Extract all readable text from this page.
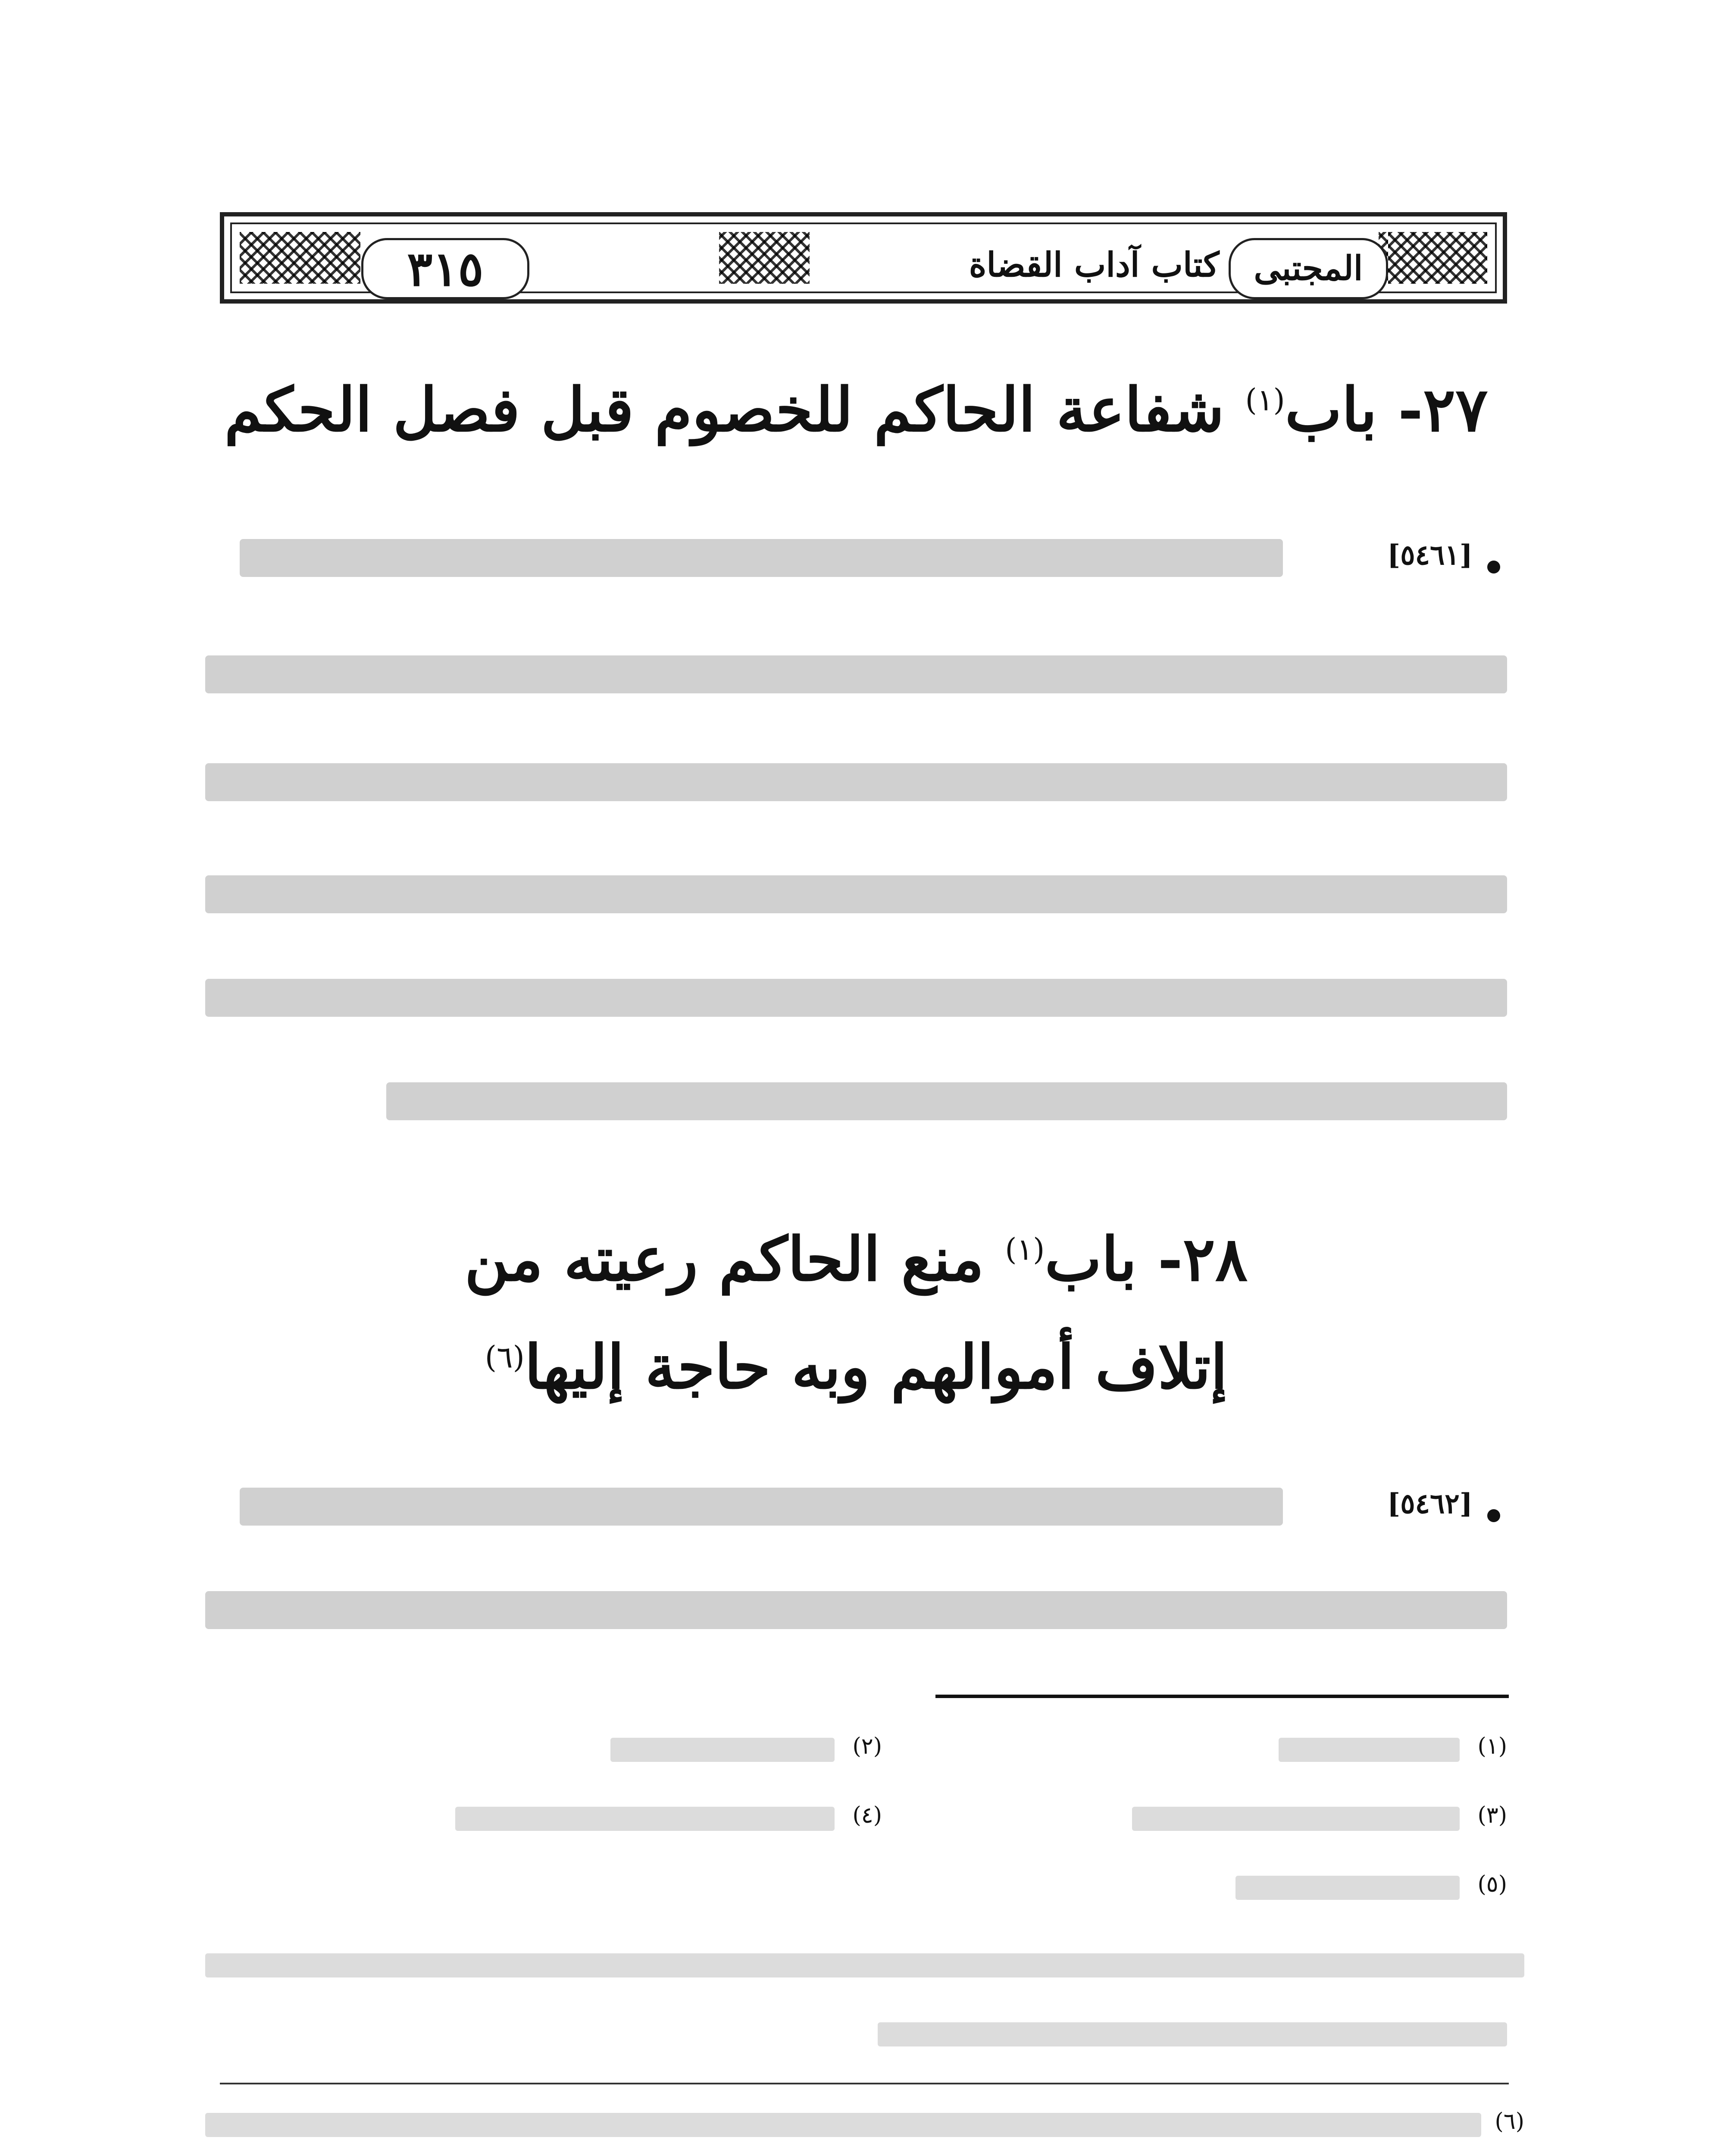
٣١٥	كتاب آداب القضاة المجتبى
٢٧- باب$^{(١)}$ شفاعة الحاكم للخصوم قبل فصل الحكم
[٥٤٦١]
٢٨- باب$^{(١)}$ منع الحاكم رعيته من
إتلاف أموالهم وبه حاجة إليها$^{(٦)}$
[٥٤٦٢]
(١)
(٢)
(٣)
(٤)
(٥)
(٦)
